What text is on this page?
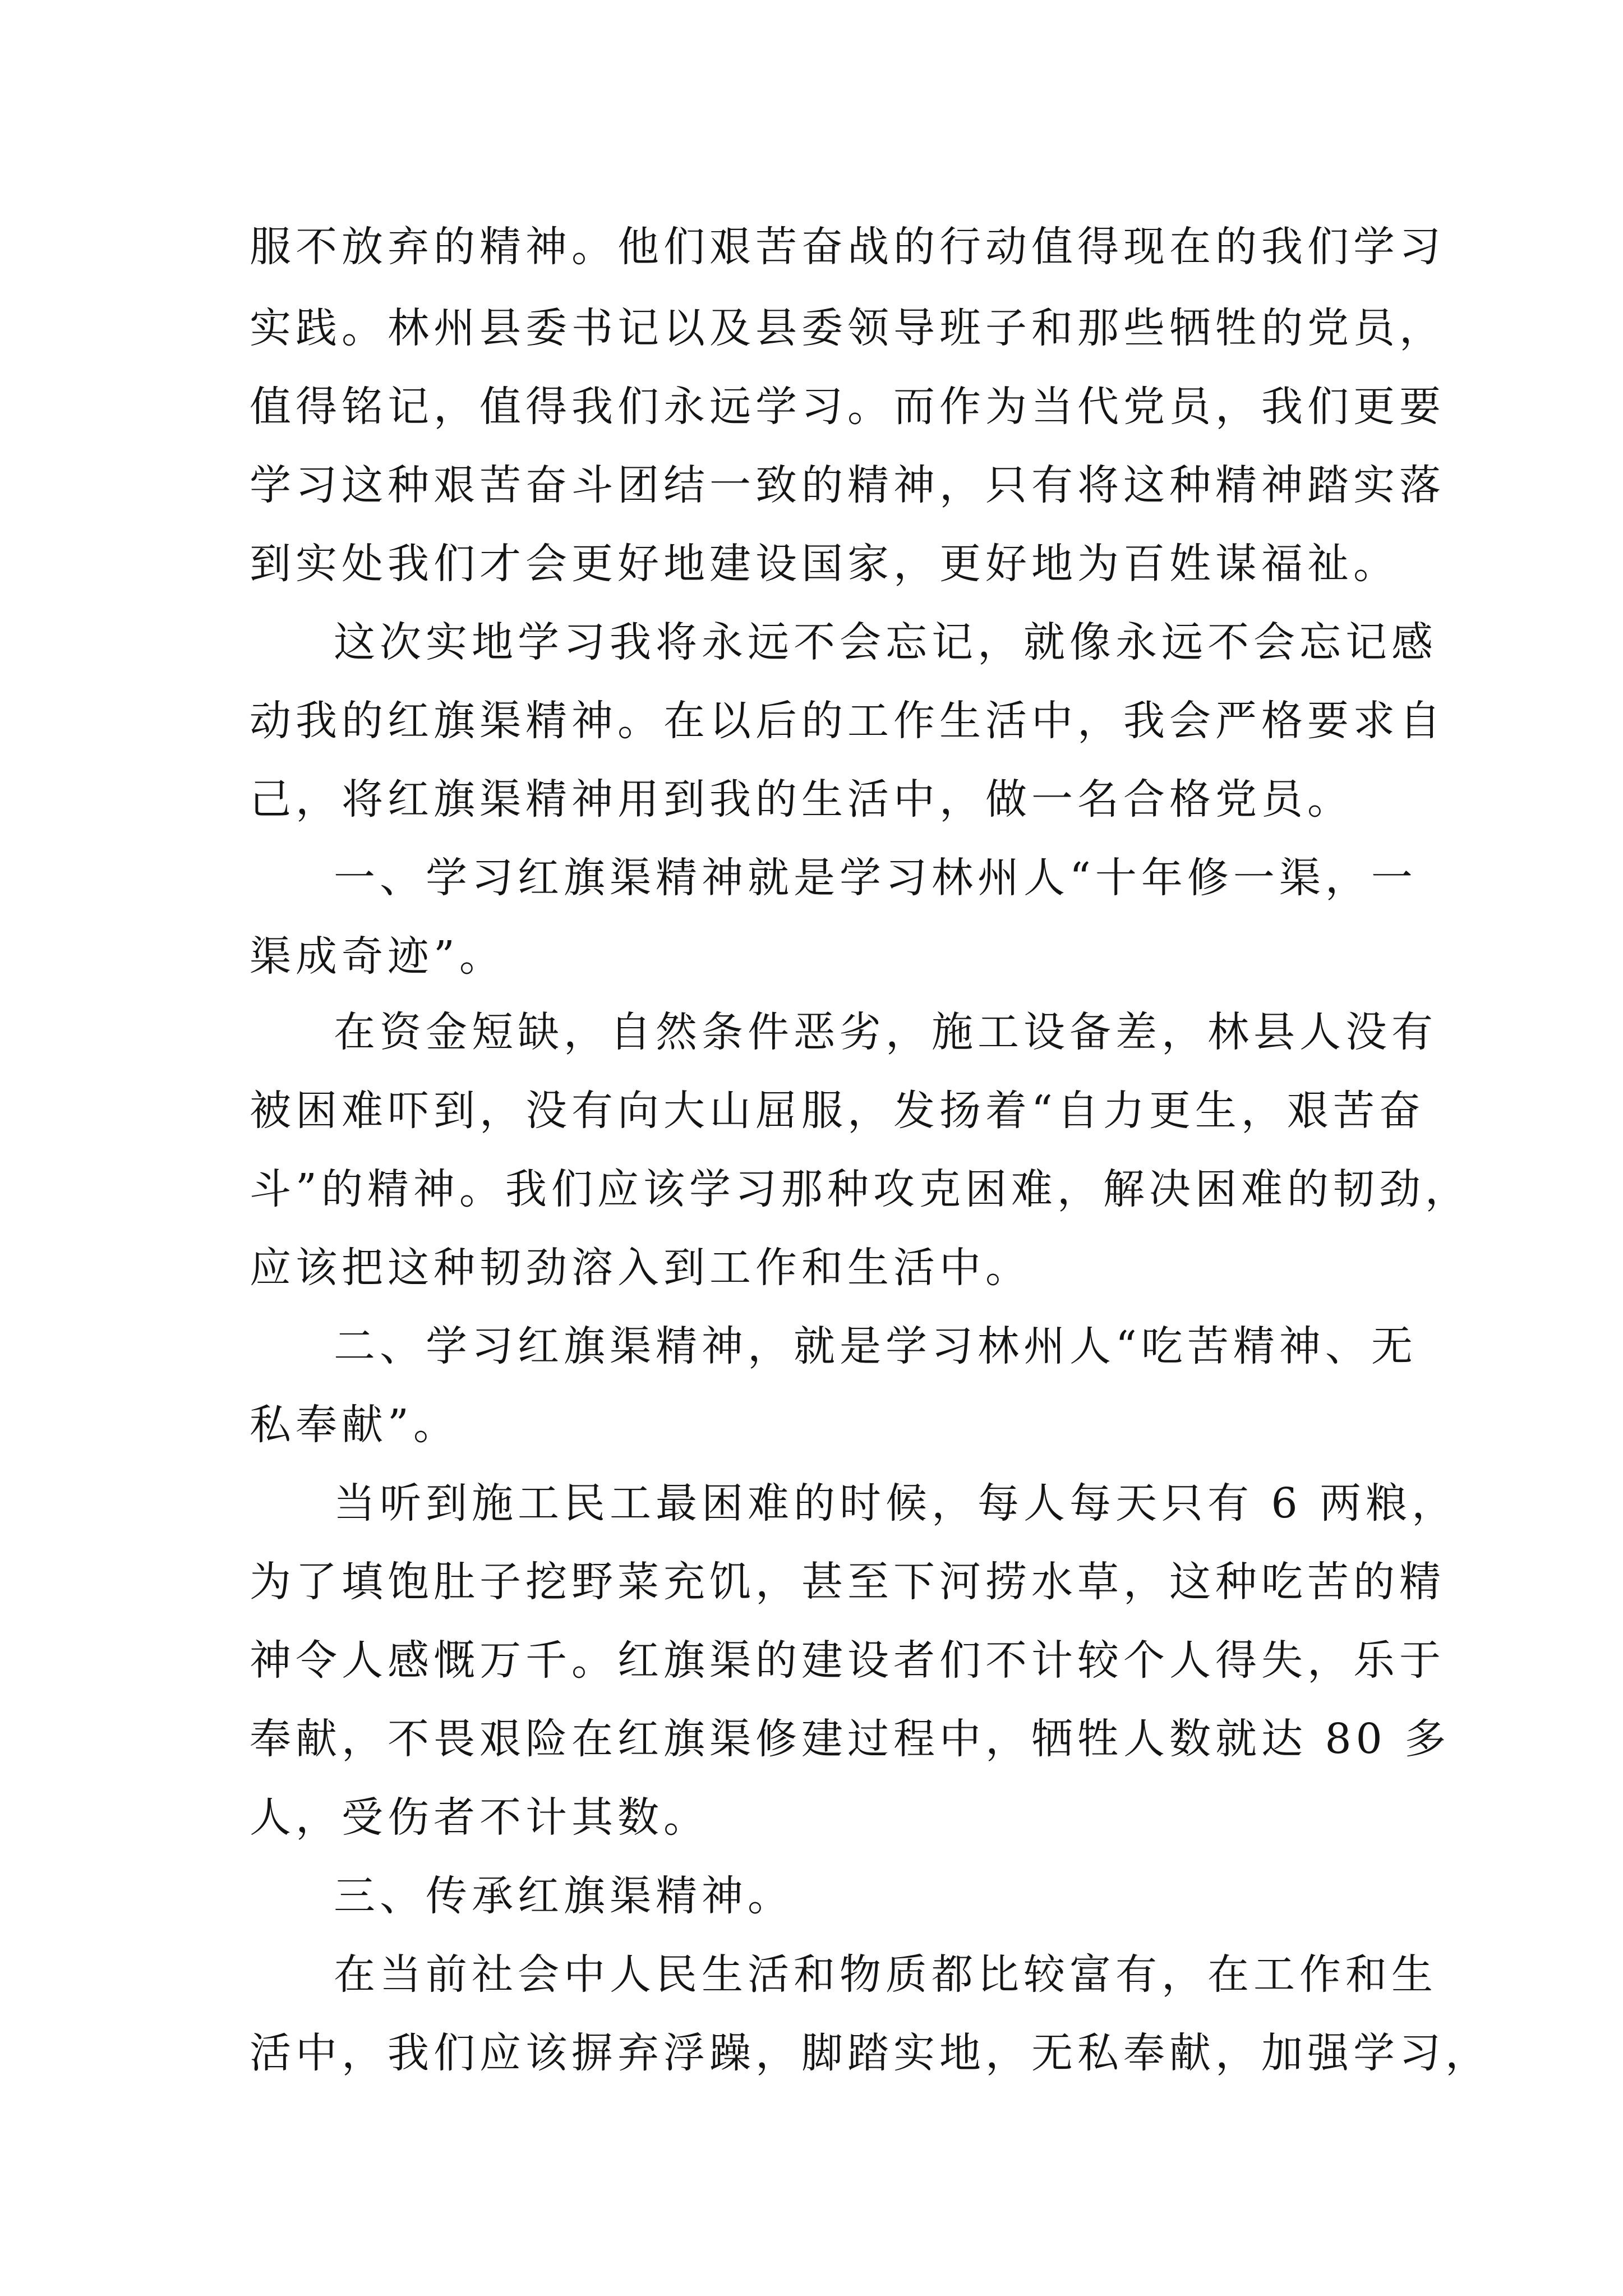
服不放弃的精神。他们艰苦奋战的行动值得现在的我们学习

实践。林州县委书记以及县委领导班子和那些牺牲的党员，

值得铭记，值得我们永远学习。而作为当代党员，我们更要

学习这种艰苦奋斗团结一致的精神，只有将这种精神踏实落

到实处我们才会更好地建设国家，更好地为百姓谋福祉。

这次实地学习我将永远不会忘记，就像永远不会忘记感

动我的红旗渠精神。在以后的工作生活中，我会严格要求自

己，将红旗渠精神用到我的生活中，做一名合格党员。

一、学习红旗渠精神就是学习林州人“十年修一渠，一

渠成奇迹”。

在资金短缺，自然条件恶劣，施工设备差，林县人没有

被困难吓到，没有向大山屈服，发扬着“自力更生，艰苦奋

斗”的精神。我们应该学习那种攻克困难，解决困难的韧劲，

应该把这种韧劲溶入到工作和生活中。

二、学习红旗渠精神，就是学习林州人“吃苦精神、无

私奉献”。

当听到施工民工最困难的时候，每人每天只有 6 两粮，

为了填饱肚子挖野菜充饥，甚至下河捞水草，这种吃苦的精

神令人感慨万千。红旗渠的建设者们不计较个人得失，乐于

奉献，不畏艰险在红旗渠修建过程中，牺牲人数就达 80 多

人，受伤者不计其数。

三、传承红旗渠精神。

在当前社会中人民生活和物质都比较富有，在工作和生

活中，我们应该摒弃浮躁，脚踏实地，无私奉献，加强学习，
